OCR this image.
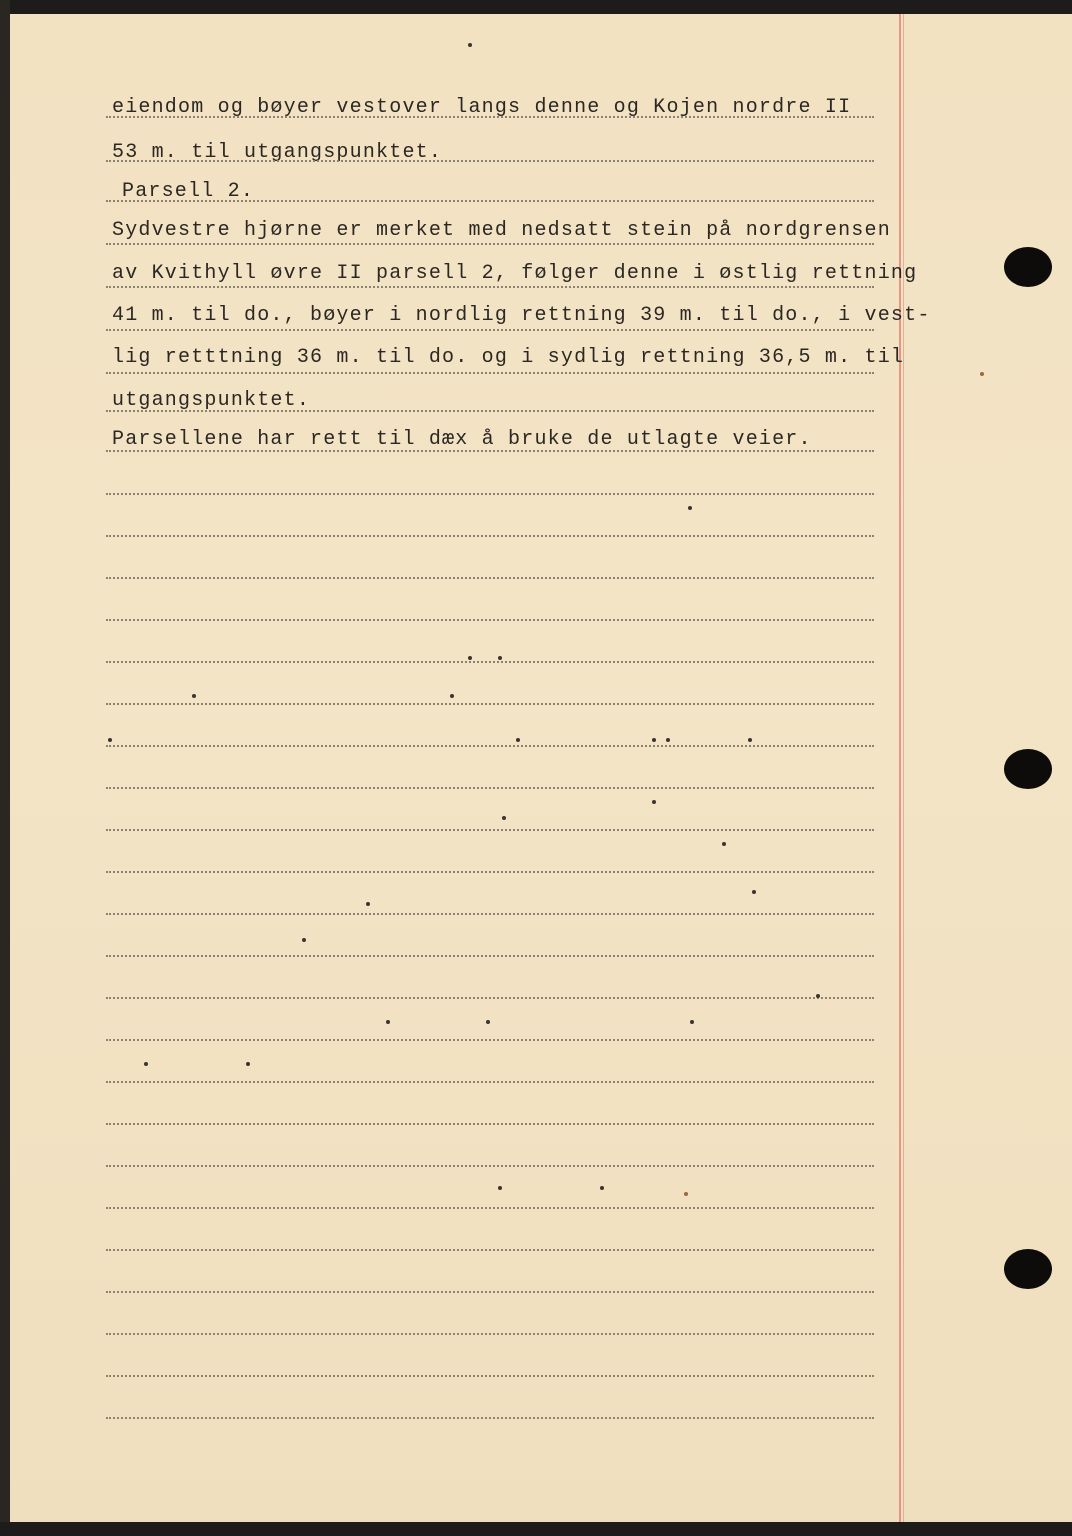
eiendom og bøyer vestover langs denne og Kojen nordre II
53 m. til utgangspunktet.
Parsell 2.
Sydvestre hjørne er merket med nedsatt stein på nordgrensen
av Kvithyll øvre II parsell 2, følger denne i østlig rettning
41 m. til do., bøyer i nordlig rettning 39 m. til do., i vest-
lig retttning 36 m. til do. og i sydlig rettning 36,5 m. til
utgangspunktet.
Parsellene har rett til dæx å bruke de utlagte veier.
